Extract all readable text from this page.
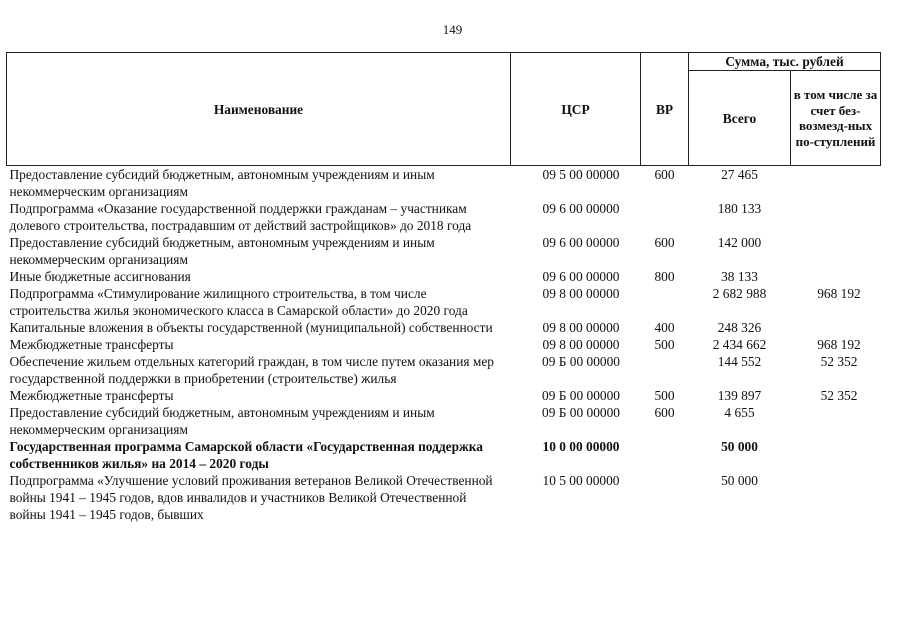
149
Наименование	ЦСР	ВР	Сумма, тыс. рублей	
			Всего	в том числе за счет без-возмезд-ных по-ступлений
Предоставление субсидий бюджетным, автономным учреждениям и иным некоммерческим организациям	09 5 00 00000	600	27 465	
Подпрограмма «Оказание государственной поддержки гражданам – участникам долевого строительства, пострадавшим от действий застройщиков» до 2018 года	09 6 00 00000		180 133	
Предоставление субсидий бюджетным, автономным учреждениям и иным некоммерческим организациям	09 6 00 00000	600	142 000	
Иные бюджетные ассигнования	09 6 00 00000	800	38 133	
Подпрограмма «Стимулирование жилищного строительства, в том числе строительства жилья экономического класса в Самарской области» до 2020 года	09 8 00 00000		2 682 988	968 192
Капитальные вложения в объекты государственной (муниципальной) собственности	09 8 00 00000	400	248 326	
Межбюджетные трансферты	09 8 00 00000	500	2 434 662	968 192
Обеспечение жильем отдельных категорий граждан, в том числе путем оказания мер государственной поддержки в приобретении (строительстве) жилья	09 Б 00 00000		144 552	52 352
Межбюджетные трансферты	09 Б 00 00000	500	139 897	52 352
Предоставление субсидий бюджетным, автономным учреждениям и иным некоммерческим организациям	09 Б 00 00000	600	4 655	
Государственная программа Самарской области «Государственная поддержка собственников жилья» на 2014 – 2020 годы	10 0 00 00000		50 000	
Подпрограмма «Улучшение условий проживания ветеранов Великой Отечественной войны 1941 – 1945 годов, вдов инвалидов и участников Великой Отечественной войны 1941 – 1945 годов, бывших	10 5 00 00000		50 000	
